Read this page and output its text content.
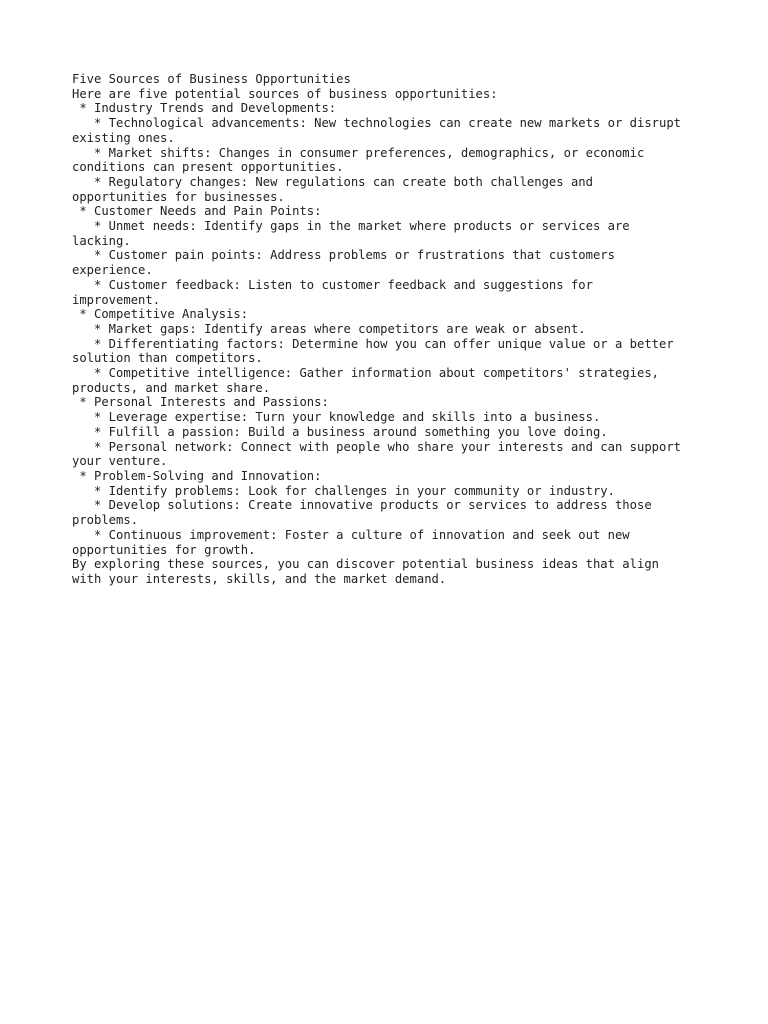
Five Sources of Business Opportunities
Here are five potential sources of business opportunities:
* Industry Trends and Developments:
* Technological advancements: New technologies can create new markets or disrupt
existing ones.
* Market shifts: Changes in consumer preferences, demographics, or economic
conditions can present opportunities.
* Regulatory changes: New regulations can create both challenges and
opportunities for businesses.
* Customer Needs and Pain Points:
* Unmet needs: Identify gaps in the market where products or services are
lacking.
* Customer pain points: Address problems or frustrations that customers
experience.
* Customer feedback: Listen to customer feedback and suggestions for
improvement.
* Competitive Analysis:
* Market gaps: Identify areas where competitors are weak or absent.
* Differentiating factors: Determine how you can offer unique value or a better
solution than competitors.
* Competitive intelligence: Gather information about competitors' strategies,
products, and market share.
* Personal Interests and Passions:
* Leverage expertise: Turn your knowledge and skills into a business.
* Fulfill a passion: Build a business around something you love doing.
* Personal network: Connect with people who share your interests and can support
your venture.
* Problem-Solving and Innovation:
* Identify problems: Look for challenges in your community or industry.
* Develop solutions: Create innovative products or services to address those
problems.
* Continuous improvement: Foster a culture of innovation and seek out new
opportunities for growth.
By exploring these sources, you can discover potential business ideas that align
with your interests, skills, and the market demand.
